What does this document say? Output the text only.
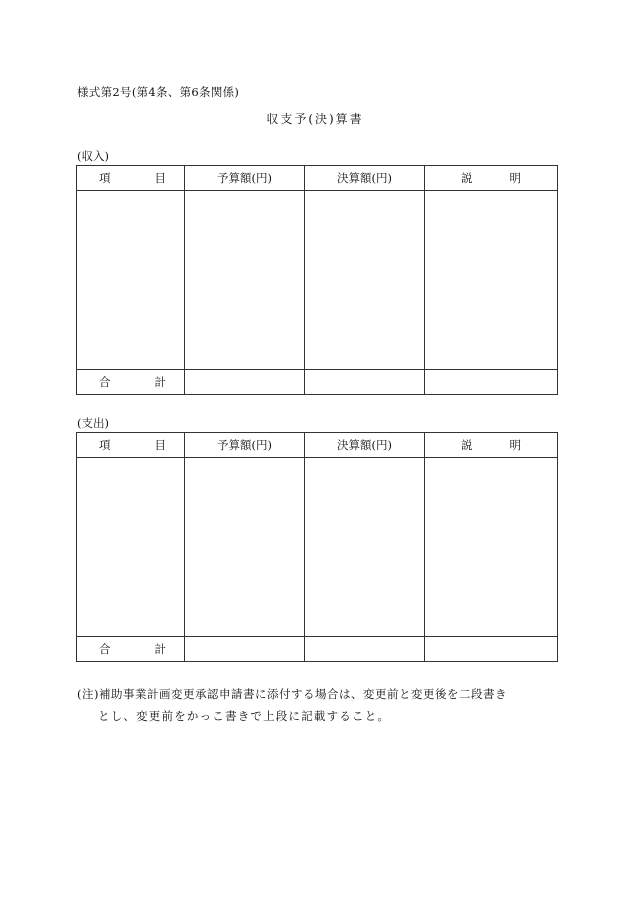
様式第2号(第4条、第6条関係)
収支予(決)算書
(収入)
項 目	予算額(円)	決算額(円)	説 明

合 計			

(支出)
項 目	予算額(円)	決算額(円)	説 明

合 計			

(注)補助事業計画変更承認申請書に添付する場合は、変更前と変更後を二段書き
とし、変更前をかっこ書きで上段に記載すること。
